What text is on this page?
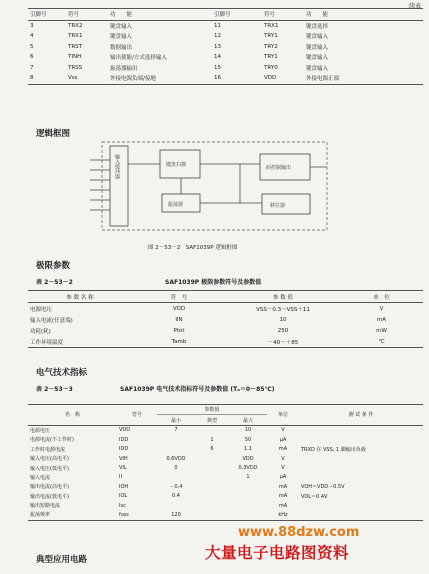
续表
引脚号	符号	功　　能	引脚号	符号	功　　能
3	TRX2	键盘输入	11	TRX1	键盘选择
4	TRX1	键盘输入	12	TRY1	键盘输入
5	TRST	数据输出	13	TRY2	键盘输入
6	TINH	输出使能/方式选择输入	14	TRY1	键盘输入
7	TRSS	振荡器输出	15	TRY0	键盘输入
8	Vss	外接电源负端/接地	16	VDD	外接电源正端
逻辑框图
输入缓冲器	键盘扫描
振荡器
码控制输出
移位器
图 2－53－2　SAF1039P 逻辑框图
极限参数
表 2－53－2	SAF1039P 极限参数符号及参数值
参 数 名 称	符　号	参 数 值	单　位
电源电压	VDD	VSS－0.3～VSS＋11	V
输入电流(任意端)	IIN	10	mA
功耗(耗)	Ptot	250	mW
工作环境温度	Tamb	－40～＋85	℃
电气技术指标
表 2－53－3	SAF1039P 电气技术指标符号及参数值 (Tₐ＝0～85℃)
名　称	符号	参数值			单位	测 试 条 件
		最小	典型	最大		
电源电压	VDD	7		10	V	
电源电流(不工作时)	IDD		1	50	μA	
工作时电源电流	IDD		6	1.1	mA	TRXD 在 VSS, 1 脚输出负载
输入电压(高电平)	VIH	0.6VDD		VDD	V	
输入电压(低电平)	VIL	0		0.3VDD	V	
输入电流	II			1	μA	
输出电流(高电平)	IOH	－0.4			mA	VOH＝VDD－0.5V
输出电流(低电平)	IOL	0.4			mA	VOL＝0.4V
输出短路电流	Isc				mA	
振荡频率	fosc	120			kHz	
典型应用电路
www.88dzw.com
大量电子电路图资料
